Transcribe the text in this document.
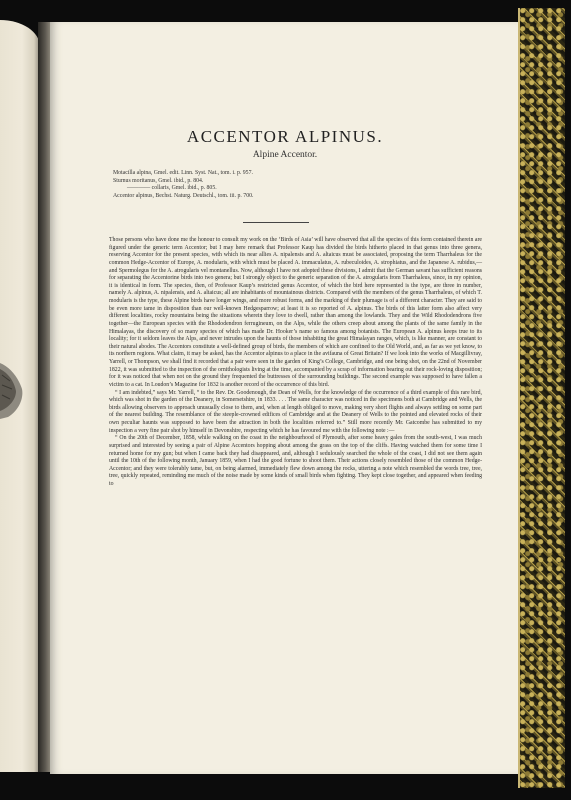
ACCENTOR ALPINUS.
Alpine Accentor.
Motacilla alpina, Gmel. edit. Linn. Syst. Nat., tom. i. p. 957.
Sturnus moritanus, Gmel. ibid., p. 804.
———— collaris, Gmel. ibid., p. 805.
Accentor alpinus, Bechst. Naturg. Deutschl., tom. iii. p. 700.

Those persons who have done me the honour to consult my work on the ‘Birds of Asia’ will have observed that all the species of this form contained therein are figured under the generic term Accentor; but I may here remark that Professor Kaup has divided the birds hitherto placed in that genus into three genera, reserving Accentor for the present species, with which its near allies A. nipalensis and A. altaicus must be associated, proposing the term Tharrhaleus for the common Hedge-Accentor of Europe, A. modularis, with which must be placed A. immaculatus, A. rubeculoides, A. strophiatus, and the Japanese A. rubidus,—and Spermolegus for the A. atrogularis vel montanellus. Now, although I have not adopted these divisions, I admit that the German savant has sufficient reasons for separating the Accentorine birds into two genera; but I strongly object to the generic separation of the A. atrogularis from Tharrhaleus, since, in my opinion, it is identical in form. The species, then, of Professor Kaup’s restricted genus Accentor, of which the bird here represented is the type, are three in number, namely A. alpinus, A. nipalensis, and A. altaicus; all are inhabitants of mountainous districts. Compared with the members of the genus Tharrhaleus, of which T. modularis is the type, these Alpine birds have longer wings, and more robust forms, and the marking of their plumage is of a different character. They are said to be even more tame in disposition than our well-known Hedgesparrow; at least it is so reported of A. alpinus. The birds of this latter form also affect very different localities, rocky mountains being the situations wherein they love to dwell, rather than among the lowlands. They and the Wild Rhododendrons five together—the European species with the Rhododendron ferrugineum, on the Alps, while the others creep about among the plants of the same family in the Himalayas, the discovery of so many species of which has made Dr. Hooker’s name so famous among botanists. The European A. alpinus keeps true to its locality; for it seldom leaves the Alps, and never intrudes upon the haunts of those inhabiting the great Himalayan ranges, which, is like manner, are constant to their natural abodes. The Accentors constitute a well-defined group of birds, the members of which are confined to the Old World, and, as far as we yet know, to its northern regions. What claim, it may be asked, has the Accentor alpinus to a place in the avifauna of Great Britain? If we look into the works of Macgillivray, Yarrell, or Thompson, we shall find it recorded that a pair were seen in the garden of King’s College, Cambridge, and one being shot, on the 22nd of November 1822, it was submitted to the inspection of the ornithologists living at the time, accompanied by a scrap of information bearing out their rock-loving disposition; for it was noticed that when not on the ground they frequented the buttresses of the surrounding buildings. The second example was supposed to have fallen a victim to a cat. In Loudon’s Magazine for 1832 is another record of the occurrence of this bird.

“ I am indebted,” says Mr. Yarrell, “ to the Rev. Dr. Goodenough, the Dean of Wells, for the knowledge of the occurrence of a third example of this rare bird, which was shot in the garden of the Deanery, in Somersetshire, in 1833. . . . The same character was noticed in the specimens both at Cambridge and Wells, the birds allowing observers to approach unusually close to them, and, when at length obliged to move, making very short flights and always settling on some part of the nearest building. The resemblance of the steeple-crowned edifices of Cambridge and at the Deanery of Wells to the pointed and elevated rocks of their own peculiar haunts was supposed to have been the attraction in both the localities referred to.” Still more recently Mr. Gatcombe has submitted to my inspection a very fine pair shot by himself in Devonshire, respecting which he has favoured me with the following note :—

“ On the 20th of December, 1858, while walking on the coast in the neighbourhood of Plymouth, after some heavy gales from the south-west, I was much surprised and interested by seeing a pair of Alpine Accentors hopping about among the grass on the top of the cliffs. Having watched them for some time I returned home for my gun; but when I came back they had disappeared, and, although I sedulously searched the whole of the coast, I did not see them again until the 10th of the following month, January 1859, when I had the good fortune to shoot them. Their actions closely resembled those of the common Hedge-Accentor; and they were tolerably tame, but, on being alarmed, immediately flew down among the rocks, uttering a note which resembled the words tree, tree, tree, quickly repeated, reminding me much of the noise made by some kinds of small birds when fighting. They kept close together, and appeared when feeding to
